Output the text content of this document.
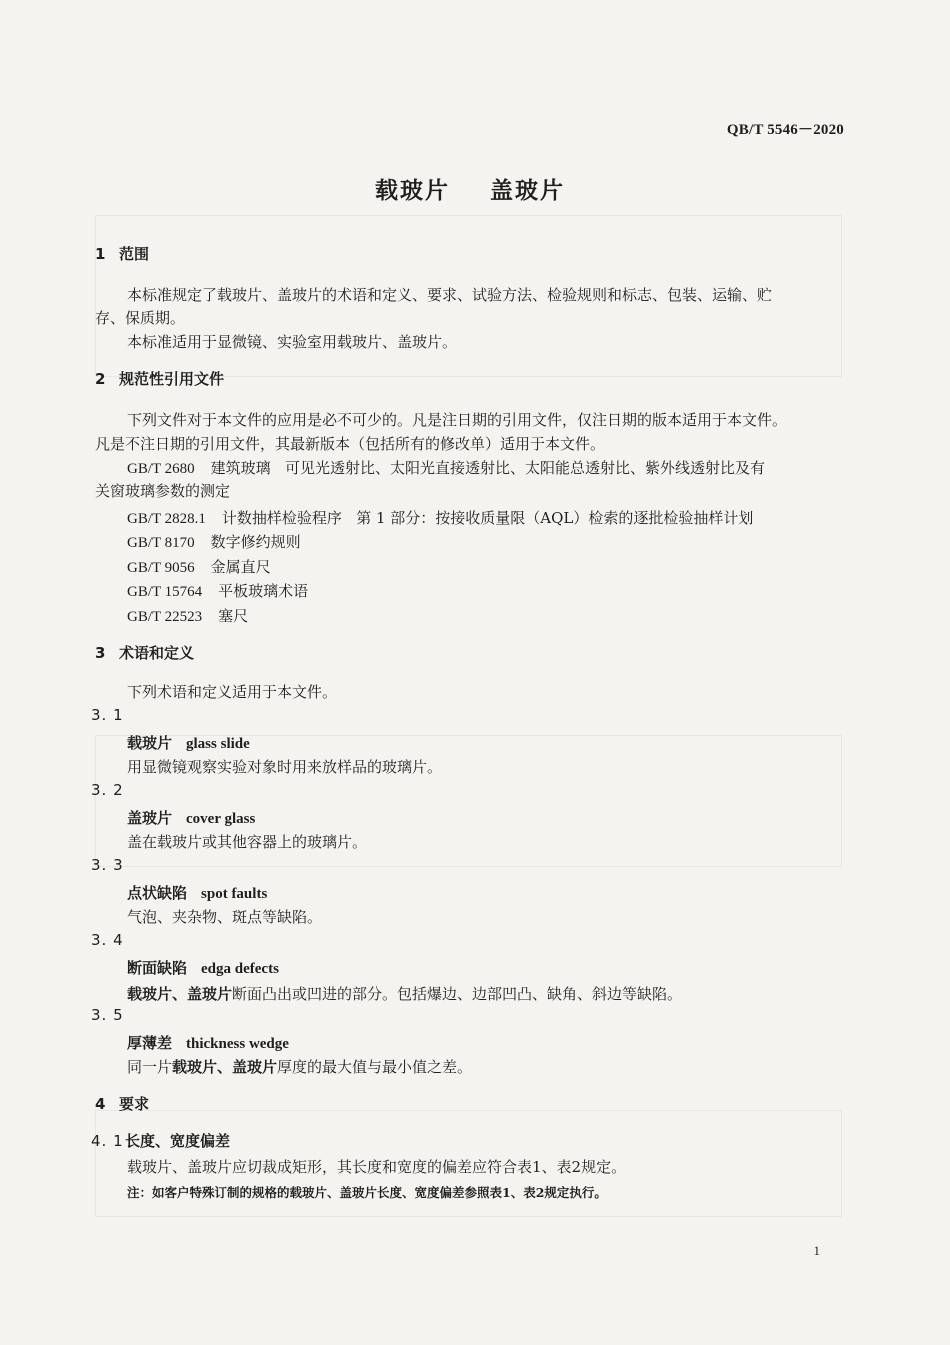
QB/T 5546－2020
载玻片    盖玻片
1 范围
本标准规定了载玻片、盖玻片的术语和定义、要求、试验方法、检验规则和标志、包装、运输、贮
存、保质期。
本标准适用于显微镜、实验室用载玻片、盖玻片。
2 规范性引用文件
下列文件对于本文件的应用是必不可少的。凡是注日期的引用文件，仅注日期的版本适用于本文件。
凡是不注日期的引用文件，其最新版本（包括所有的修改单）适用于本文件。
GB/T 2680 建筑玻璃   可见光透射比、太阳光直接透射比、太阳能总透射比、紫外线透射比及有
关窗玻璃参数的测定
GB/T 2828.1 计数抽样检验程序   第 1 部分：按接收质量限（AQL）检索的逐批检验抽样计划
GB/T 8170 数字修约规则
GB/T 9056 金属直尺
GB/T 15764 平板玻璃术语
GB/T 22523 塞尺
3 术语和定义
下列术语和定义适用于本文件。
3. 1
载玻片 glass slide
用显微镜观察实验对象时用来放样品的玻璃片。
3. 2
盖玻片 cover glass
盖在载玻片或其他容器上的玻璃片。
3. 3
点状缺陷 spot faults
气泡、夹杂物、斑点等缺陷。
3. 4
断面缺陷 edga defects
载玻片、盖玻片断面凸出或凹进的部分。包括爆边、边部凹凸、缺角、斜边等缺陷。
3. 5
厚薄差 thickness wedge
同一片载玻片、盖玻片厚度的最大值与最小值之差。
4 要求
4. 1长度、宽度偏差
载玻片、盖玻片应切裁成矩形，其长度和宽度的偏差应符合表1、表2规定。
注：如客户特殊订制的规格的载玻片、盖玻片长度、宽度偏差参照表1、表2规定执行。
1
